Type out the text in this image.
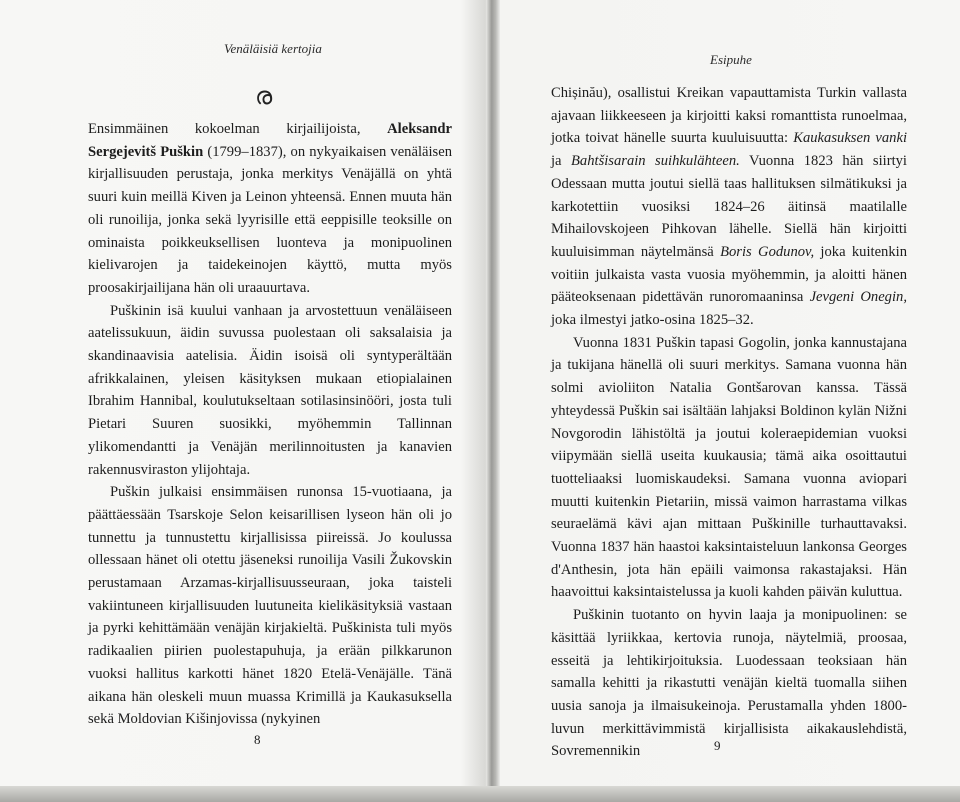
Venäläisiä kertojia
ര

Ensimmäinen kokoelman kirjailijoista, Aleksandr Sergejevitš Puškin (1799–1837), on nykyaikaisen venäläisen kirjallisuuden perustaja, jonka merkitys Venäjällä on yhtä suuri kuin meillä Kiven ja Leinon yhteensä. Ennen muuta hän oli runoilija, jonka sekä lyyrisille että eeppisille teoksille on ominaista poikkeuksellisen luonteva ja monipuolinen kielivarojen ja taidekeinojen käyttö, mutta myös proosakirjailijana hän oli uraauurtava.

Puškinin isä kuului vanhaan ja arvostettuun venäläiseen aatelissukuun, äidin suvussa puolestaan oli saksalaisia ja skandinaavisia aatelisia. Äidin isoisä oli syntyperältään afrikkalainen, yleisen käsityksen mukaan etiopialainen Ibrahim Hannibal, koulutukseltaan sotilasinsinööri, josta tuli Pietari Suuren suosikki, myöhemmin Tallinnan ylikomendantti ja Venäjän merilinnoitusten ja kanavien rakennusviraston ylijohtaja.

Puškin julkaisi ensimmäisen runonsa 15-vuotiaana, ja päättäessään Tsarskoje Selon keisarillisen lyseon hän oli jo tunnettu ja tunnustettu kirjallisissa piireissä. Jo koulussa ollessaan hänet oli otettu jäseneksi runoilija Vasili Žukovskin perustamaan Arzamas-kirjallisuusseuraan, joka taisteli vakiintuneen kirjallisuuden luutuneita kielikäsityksiä vastaan ja pyrki kehittämään venäjän kirjakieltä. Puškinista tuli myös radikaalien piirien puolestapuhuja, ja erään pilkkarunon vuoksi hallitus karkotti hänet 1820 Etelä-Venäjälle. Tänä aikana hän oleskeli muun muassa Krimillä ja Kaukasuksella sekä Moldovian Kišinjovissa (nykyinen

8
Esipuhe

Chișinău), osallistui Kreikan vapauttamista Turkin vallasta ajavaan liikkeeseen ja kirjoitti kaksi romanttista runoelmaa, jotka toivat hänelle suurta kuuluisuutta: Kaukasuksen vanki ja Bahtšisarain suihkulähteen. Vuonna 1823 hän siirtyi Odessaan mutta joutui siellä taas hallituksen silmätikuksi ja karkotettiin vuosiksi 1824–26 äitinsä maatilalle Mihailovskojeen Pihkovan lähelle. Siellä hän kirjoitti kuuluisimman näytelmänsä Boris Godunov, joka kuitenkin voitiin julkaista vasta vuosia myöhemmin, ja aloitti hänen pääteoksenaan pidettävän runoromaaninsa Jevgeni Onegin, joka ilmestyi jatko-osina 1825–32.

Vuonna 1831 Puškin tapasi Gogolin, jonka kannustajana ja tukijana hänellä oli suuri merkitys. Samana vuonna hän solmi avioliiton Natalia Gontšarovan kanssa. Tässä yhteydessä Puškin sai isältään lahjaksi Boldinon kylän Nižni Novgorodin lähistöltä ja joutui koleraepidemian vuoksi viipymään siellä useita kuukausia; tämä aika osoittautui tuotteliaaksi luomiskaudeksi. Samana vuonna aviopari muutti kuitenkin Pietariin, missä vaimon harrastama vilkas seuraelämä kävi ajan mittaan Puškinille turhauttavaksi. Vuonna 1837 hän haastoi kaksintaisteluun lankonsa Georges d'Anthesin, jota hän epäili vaimonsa rakastajaksi. Hän haavoittui kaksintaistelussa ja kuoli kahden päivän kuluttua.

Puškinin tuotanto on hyvin laaja ja monipuolinen: se käsittää lyriikkaa, kertovia runoja, näytelmiä, proosaa, esseitä ja lehtikirjoituksia. Luodessaan teoksiaan hän samalla kehitti ja rikastutti venäjän kieltä tuomalla siihen uusia sanoja ja ilmaisukeinoja. Perustamalla yhden 1800-luvun merkittävimmistä kirjallisista aikakauslehdistä, Sovremennikin	9
